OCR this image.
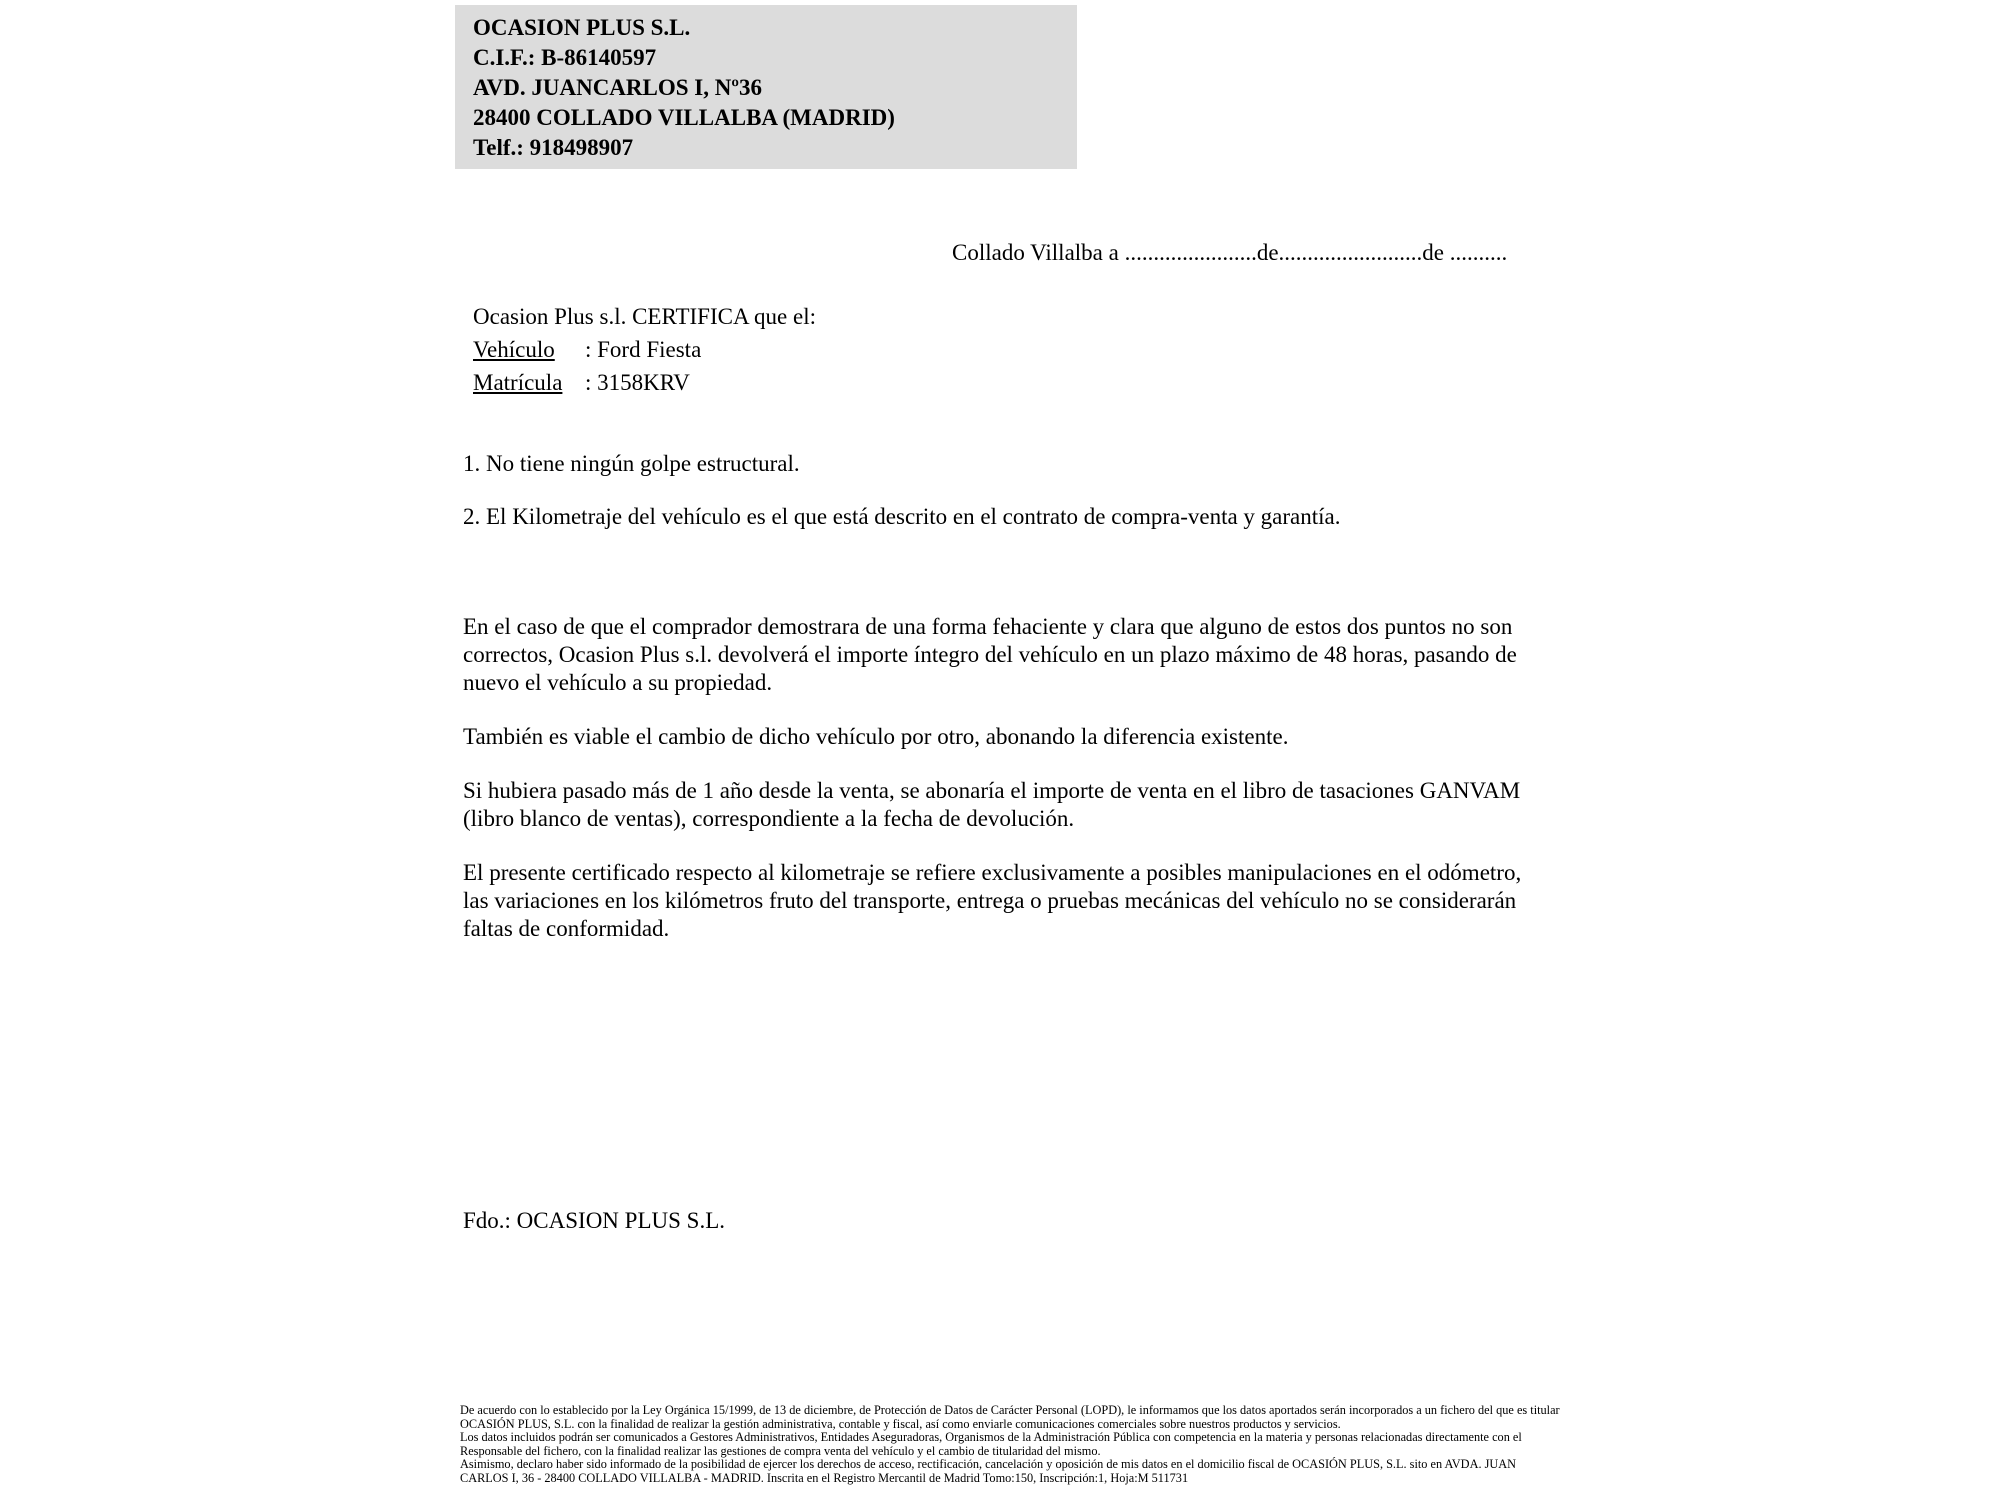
OCASION PLUS S.L.
C.I.F.: B-86140597
AVD. JUANCARLOS I, Nº36
28400 COLLADO VILLALBA (MADRID)
Telf.: 918498907
Collado Villalba a .......................de.........................de ..........
Ocasion Plus s.l. CERTIFICA que el:
Vehículo : Ford Fiesta
Matrícula : 3158KRV
1. No tiene ningún golpe estructural.
2. El Kilometraje del vehículo es el que está descrito en el contrato de compra-venta y garantía.

En el caso de que el comprador demostrara de una forma fehaciente y clara que alguno de estos dos puntos no son correctos, Ocasion Plus s.l. devolverá el importe íntegro del vehículo en un plazo máximo de 48 horas, pasando de nuevo el vehículo a su propiedad.

También es viable el cambio de dicho vehículo por otro, abonando la diferencia existente.

Si hubiera pasado más de 1 año desde la venta, se abonaría el importe de venta en el libro de tasaciones GANVAM (libro blanco de ventas), correspondiente a la fecha de devolución.

El presente certificado respecto al kilometraje se refiere exclusivamente a posibles manipulaciones en el odómetro, las variaciones en los kilómetros fruto del transporte, entrega o pruebas mecánicas del vehículo no se considerarán faltas de conformidad.

Fdo.: OCASION PLUS S.L.
De acuerdo con lo establecido por la Ley Orgánica 15/1999, de 13 de diciembre, de Protección de Datos de Carácter Personal (LOPD), le informamos que los datos aportados serán incorporados a un fichero del que es titular
OCASIÓN PLUS, S.L. con la finalidad de realizar la gestión administrativa, contable y fiscal, así como enviarle comunicaciones comerciales sobre nuestros productos y servicios.
Los datos incluidos podrán ser comunicados a Gestores Administrativos, Entidades Aseguradoras, Organismos de la Administración Pública con competencia en la materia y personas relacionadas directamente con el
Responsable del fichero, con la finalidad realizar las gestiones de compra venta del vehículo y el cambio de titularidad del mismo.
Asimismo, declaro haber sido informado de la posibilidad de ejercer los derechos de acceso, rectificación, cancelación y oposición de mis datos en el domicilio fiscal de OCASIÓN PLUS, S.L. sito en AVDA. JUAN
CARLOS I, 36 - 28400 COLLADO VILLALBA - MADRID. Inscrita en el Registro Mercantil de Madrid Tomo:150, Inscripción:1, Hoja:M 511731
